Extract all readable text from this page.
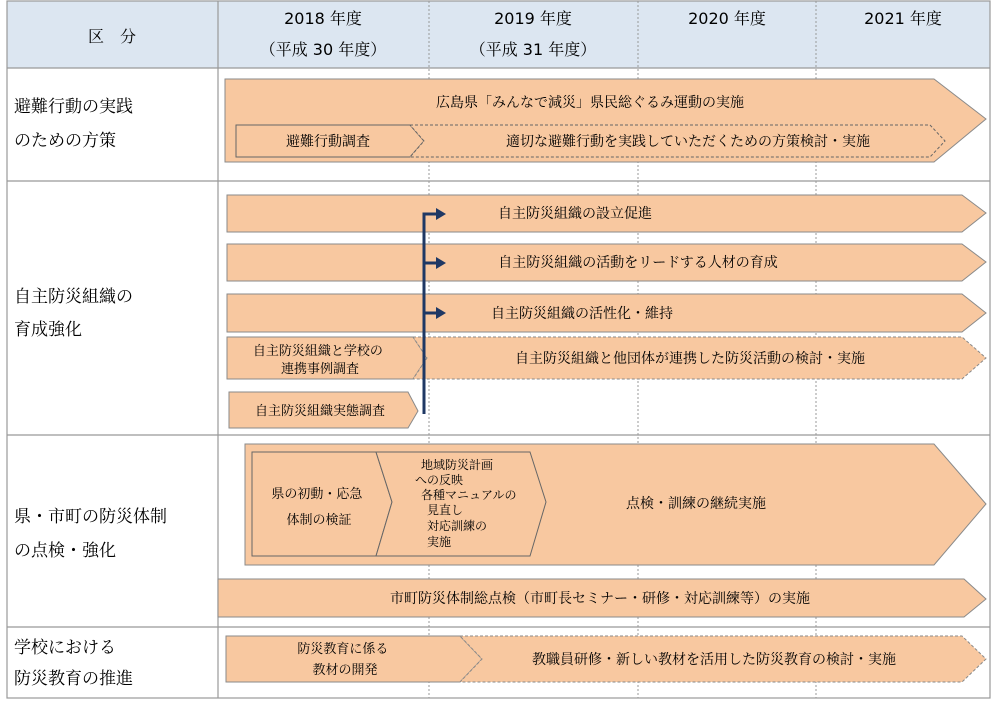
区　分
2018 年度
（平成 30 年度）
2019 年度
（平成 31 年度）
2020 年度	2021 年度
避難行動の実践 のための方策
自主防災組織の 育成強化
県・市町の防災体制 の点検・強化
学校における 防災教育の推進
広島県「みんなで減災」県民総ぐるみ運動の実施
避難行動調査	適切な避難行動を実践していただくための方策検討・実施
自主防災組織の設立促進
自主防災組織の活動をリードする人材の育成
自主防災組織の活性化・維持
自主防災組織と学校の 連携事例調査
自主防災組織と他団体が連携した防災活動の検討・実施
自主防災組織実態調査
点検・訓練の継続実施
県の初動・応急 体制の検証
地域防災計画 への反映 各種マニュアルの 見直し 対応訓練の 実施
市町防災体制総点検（市町長セミナー・研修・対応訓練等）の実施
防災教育に係る 教材の開発
教職員研修・新しい教材を活用した防災教育の検討・実施
